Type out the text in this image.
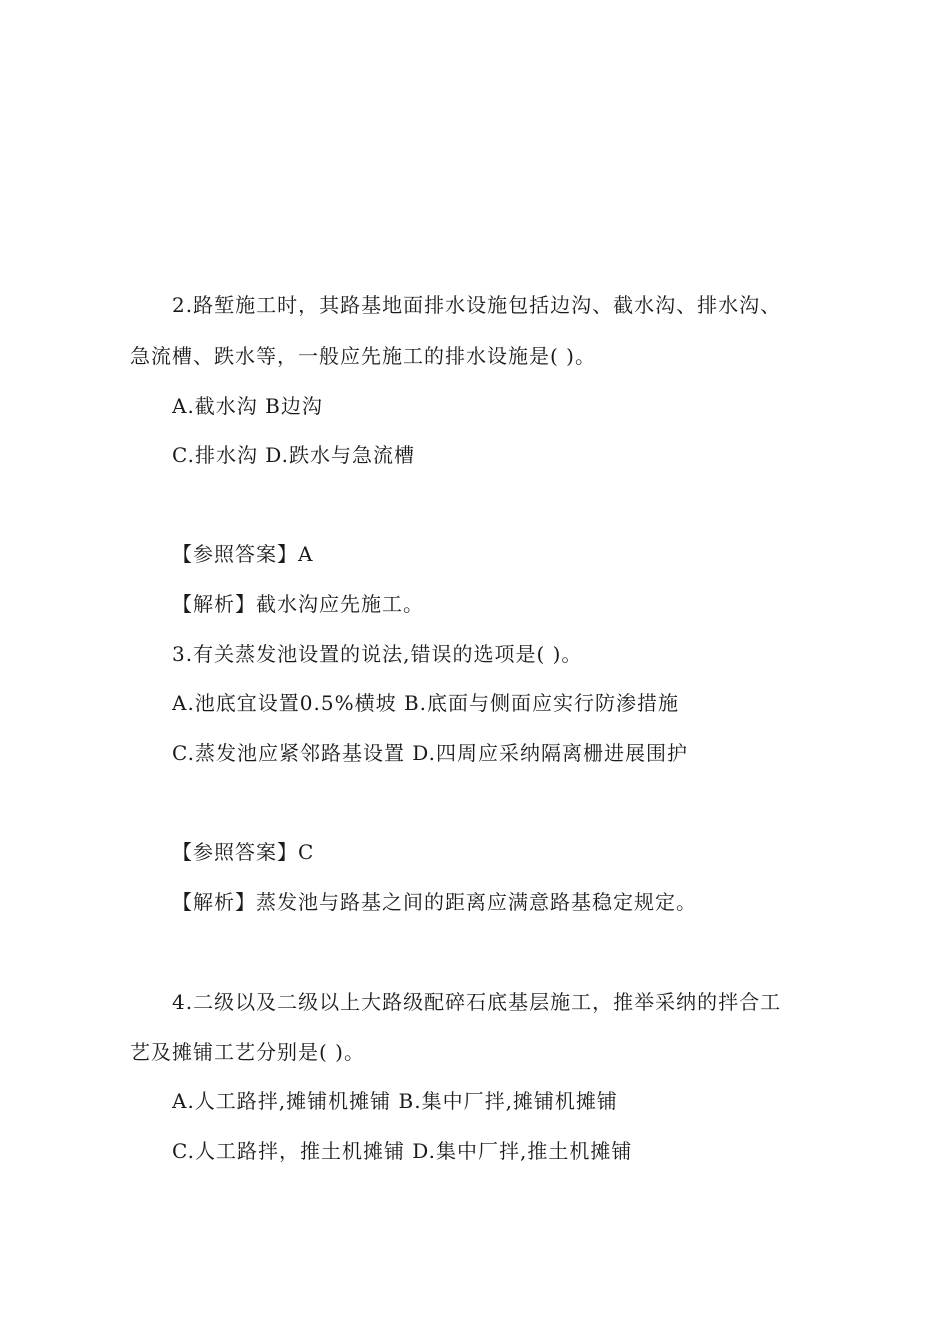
2.路堑施工时，其路基地面排水设施包括边沟、截水沟、排水沟、
急流槽、跌水等，一般应先施工的排水设施是( )。
A.截水沟 B边沟
C.排水沟 D.跌水与急流槽
【参照答案】A
【解析】截水沟应先施工。
3.有关蒸发池设置的说法,错误的选项是( )。
A.池底宜设置0.5%横坡 B.底面与侧面应实行防渗措施
C.蒸发池应紧邻路基设置 D.四周应采纳隔离栅进展围护
【参照答案】C
【解析】蒸发池与路基之间的距离应满意路基稳定规定。
4.二级以及二级以上大路级配碎石底基层施工，推举采纳的拌合工
艺及摊铺工艺分别是( )。
A.人工路拌,摊铺机摊铺 B.集中厂拌,摊铺机摊铺
C.人工路拌，推土机摊铺 D.集中厂拌,推土机摊铺
